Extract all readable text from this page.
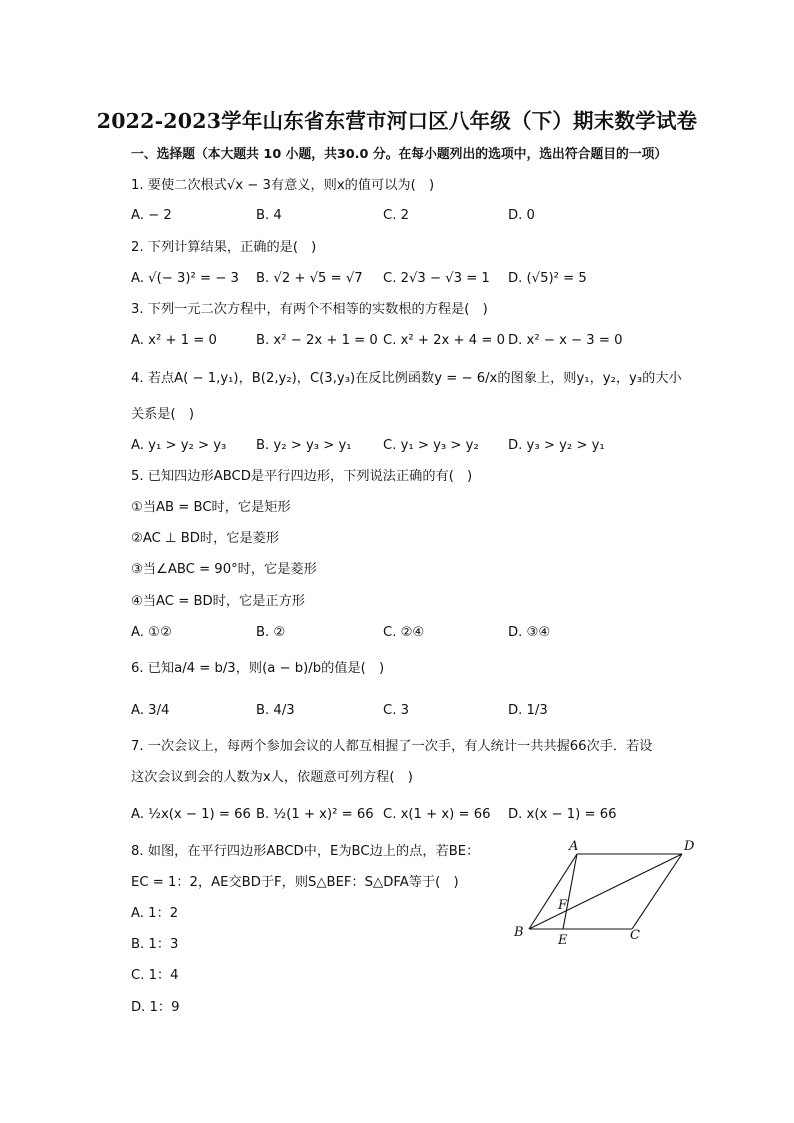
2022-2023学年山东省东营市河口区八年级（下）期末数学试卷
一、选择题（本大题共 10 小题，共30.0 分。在每小题列出的选项中，选出符合题目的一项）
1. 要使二次根式√x − 3有意义，则x的值可以为(　)
A. − 2	B. 4	C. 2	D. 0
2. 下列计算结果，正确的是(　)
A. √(− 3)² = − 3 B. √2 + √5 = √7 C. 2√3 − √3 = 1 D. (√5)² = 5
3. 下列一元二次方程中，有两个不相等的实数根的方程是(　)
A. x² + 1 = 0	B. x² − 2x + 1 = 0 C. x² + 2x + 4 = 0 D. x² − x − 3 = 0
4. 若点A( − 1,y₁)，B(2,y₂)，C(3,y₃)在反比例函数y = − 6/x的图象上，则y₁，y₂，y₃的大小
关系是(　)
A. y₁ > y₂ > y₃ B. y₂ > y₃ > y₁ C. y₁ > y₃ > y₂ D. y₃ > y₂ > y₁
5. 已知四边形ABCD是平行四边形，下列说法正确的有(　)
①当AB = BC时，它是矩形
②AC ⊥ BD时，它是菱形
③当∠ABC = 90°时，它是菱形
④当AC = BD时，它是正方形
A. ①②	B. ②	C. ②④	D. ③④
6. 已知a/4 = b/3，则(a − b)/b的值是(　)
A. 3/4	B. 4/3	C. 3	D. 1/3
7. 一次会议上，每两个参加会议的人都互相握了一次手，有人统计一共共握66次手．若设
这次会议到会的人数为x人，依题意可列方程(　)
A. ½x(x − 1) = 66 B. ½(1 + x)² = 66 C. x(1 + x) = 66 D. x(x − 1) = 66
8. 如图，在平行四边形ABCD中，E为BC边上的点，若BE：
EC = 1：2，AE交BD于F，则S△BEF：S△DFA等于(　)
A. 1：2
B. 1：3
C. 1：4
D. 1：9
A	D
B
E	C
F
